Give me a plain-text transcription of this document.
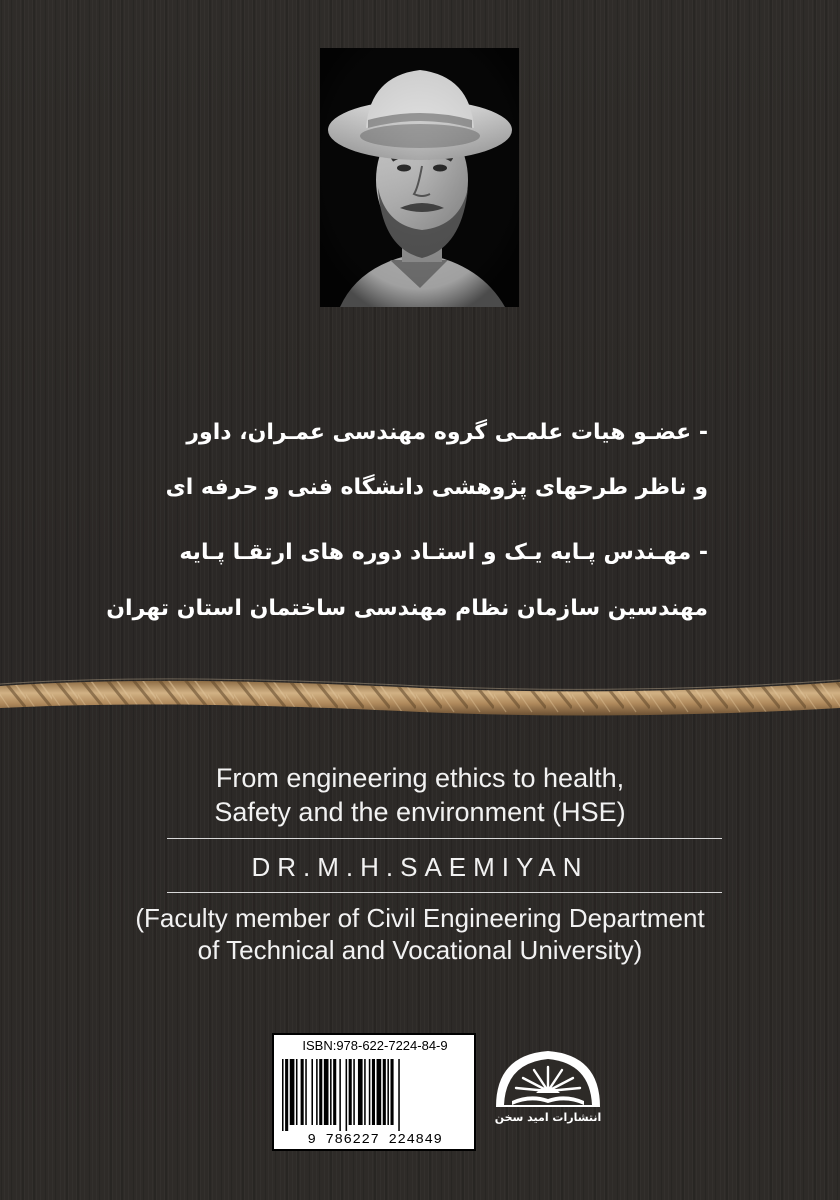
- عضـو هیات علمـی گروه مهندسی عمـران، داور
و ناظر طرحهای پژوهشی دانشگاه فنی و حرفه ای
- مهـندس پـایه یـک و استـاد دوره های ارتقـا پـایه
مهندسین سازمان نظام مهندسی ساختمان استان تهران
From engineering ethics to health,
Safety and the environment (HSE)
DR.M.H.SAEMIYAN
(Faculty member of Civil Engineering Department
of Technical and Vocational University)
ISBN:978-622-7224-84-9
9 786227 224849
انتشارات امید سخن
